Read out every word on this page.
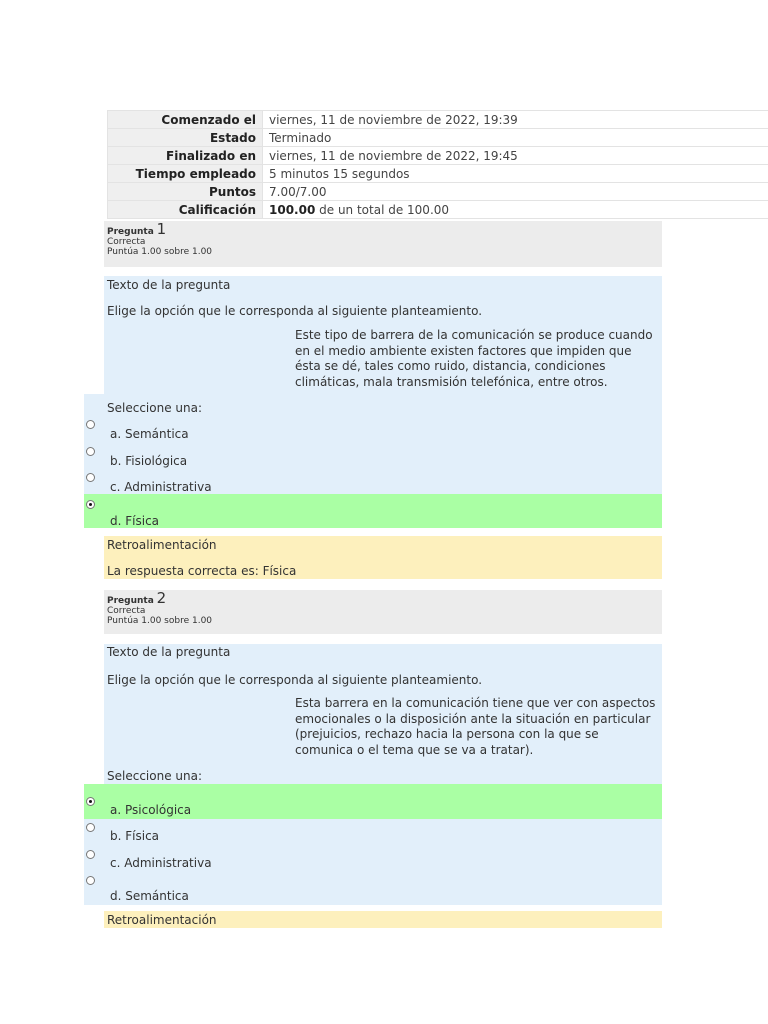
Comenzado el	viernes, 11 de noviembre de 2022, 19:39
Estado	Terminado
Finalizado en	viernes, 11 de noviembre de 2022, 19:45
Tiempo empleado	5 minutos 15 segundos
Puntos	7.00/7.00
Calificación	100.00 de un total de 100.00
Pregunta 1
Correcta
Puntúa 1.00 sobre 1.00
Texto de la pregunta
Elige la opción que le corresponda al siguiente planteamiento.
Este tipo de barrera de la comunicación se produce cuando en el medio ambiente existen factores que impiden que ésta se dé, tales como ruido, distancia, condiciones climáticas, mala transmisión telefónica, entre otros.
Seleccione una:
a. Semántica
b. Fisiológica
c. Administrativa
d. Física
Retroalimentación
La respuesta correcta es: Física
Pregunta 2
Correcta
Puntúa 1.00 sobre 1.00
Texto de la pregunta
Elige la opción que le corresponda al siguiente planteamiento.
Esta barrera en la comunicación tiene que ver con aspectos emocionales o la disposición ante la situación en particular (prejuicios, rechazo hacia la persona con la que se comunica o el tema que se va a tratar).
Seleccione una:
a. Psicológica
b. Física
c. Administrativa
d. Semántica
Retroalimentación
